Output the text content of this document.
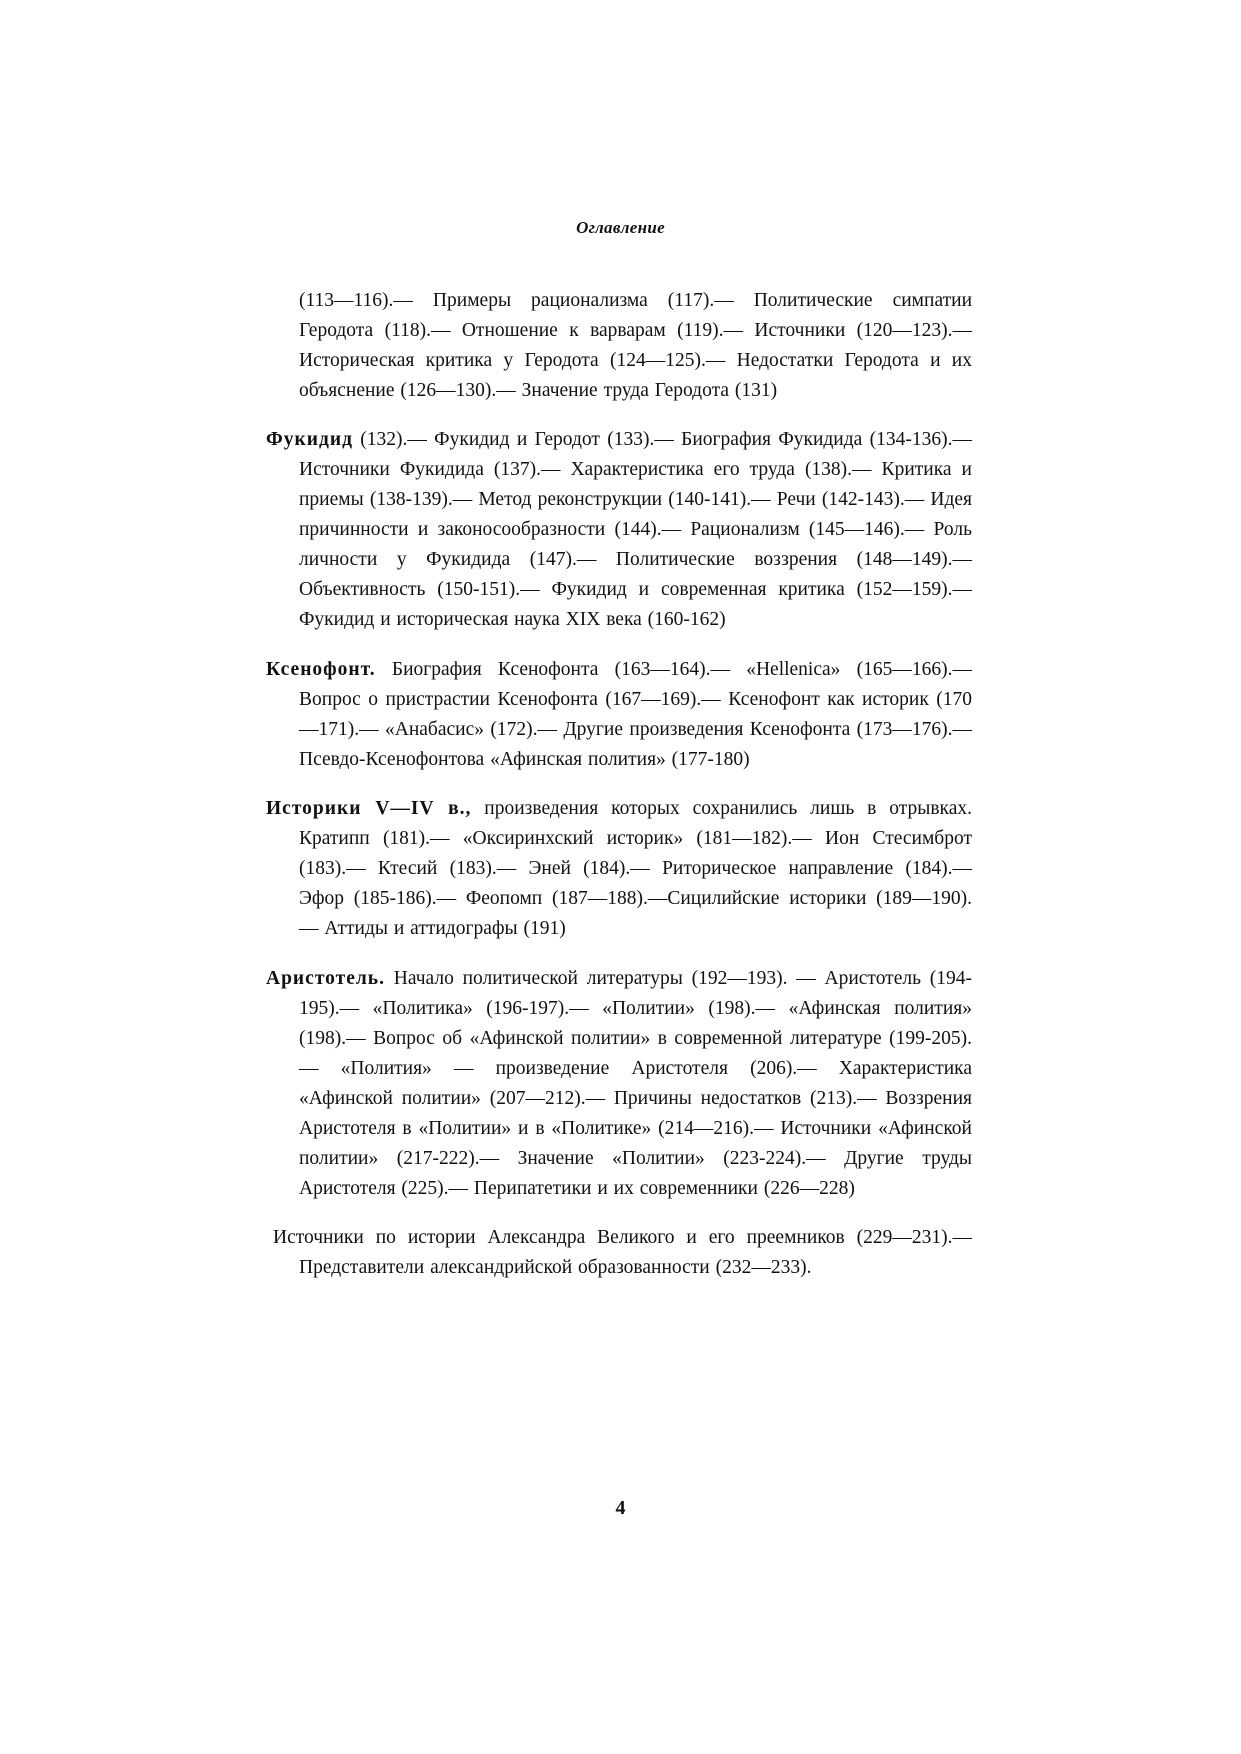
Оглавление

(113—116).— Примеры рационализма (117).— Политические симпатии Геродота (118).— Отношение к варварам (119).— Источники (120—123).— Историческая критика у Геродота (124—125).— Недостатки Геродота и их объяснение (126—130).— Значение труда Геродота (131)

Фукидид (132).— Фукидид и Геродот (133).— Биография Фукидида (134-136).— Источники Фукидида (137).— Характеристика его труда (138).— Критика и приемы (138-139).— Метод реконструкции (140-141).— Речи (142-143).— Идея причинности и законосообразности (144).— Рационализм (145—146).— Роль личности у Фукидида (147).— Политические воззрения (148—149).— Объективность (150-151).— Фукидид и современная критика (152—159).— Фукидид и историческая наука XIX века (160-162)

Ксенофонт. Биография Ксенофонта (163—164).— «Hellenica» (165—166).— Вопрос о пристрастии Ксенофонта (167—169).— Ксенофонт как историк (170—171).— «Анабасис» (172).— Другие произведения Ксенофонта (173—176).— Псевдо-Ксенофонтова «Афинская полития» (177-180)

Историки V—IV в., произведения которых сохранились лишь в отрывках. Кратипп (181).— «Оксиринхский историк» (181—182).— Ион Стесимброт (183).— Ктесий (183).— Эней (184).— Риторическое направление (184).— Эфор (185-186).— Феопомп (187—188).—Сицилийские историки (189—190).— Аттиды и аттидографы (191)

Аристотель. Начало политической литературы (192—193). — Аристотель (194-195).— «Политика» (196-197).— «Политии» (198).— «Афинская полития» (198).— Вопрос об «Афинской политии» в современной литературе (199-205).— «Полития» — произведение Аристотеля (206).— Характеристика «Афинской политии» (207—212).— Причины недостатков (213).— Воззрения Аристотеля в «Политии» и в «Политике» (214—216).— Источники «Афинской политии» (217-222).— Значение «Политии» (223-224).— Другие труды Аристотеля (225).— Перипатетики и их современники (226—228)

Источники по истории Александра Великого и его преемников (229—231).—Представители александрийской образованности (232—233).

4
